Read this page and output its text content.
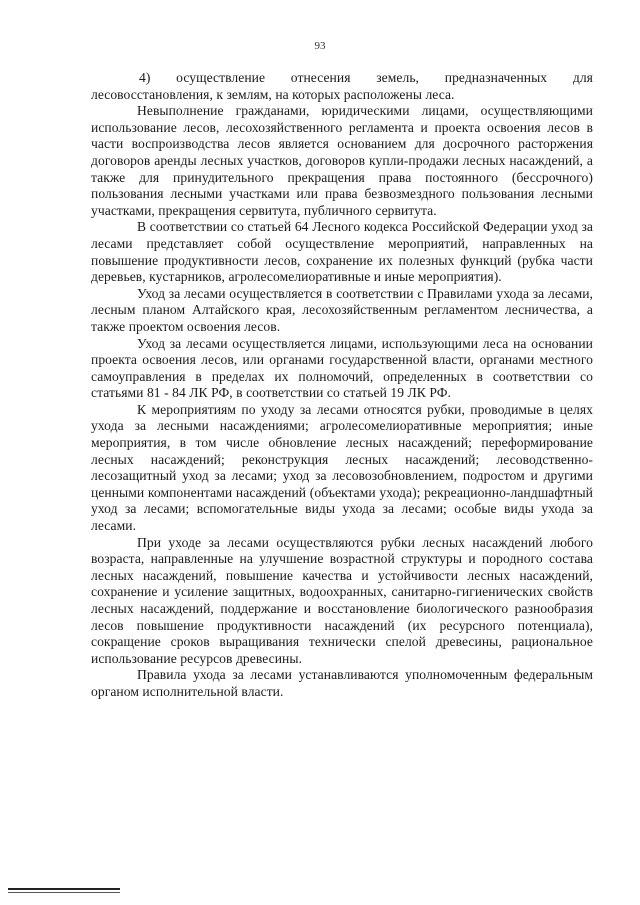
93

4) осуществление отнесения земель, предназначенных для лесовосстановления, к землям, на которых расположены леса.

Невыполнение гражданами, юридическими лицами, осуществляющими использование лесов, лесохозяйственного регламента и проекта освоения лесов в части воспроизводства лесов является основанием для досрочного расторжения договоров аренды лесных участков, договоров купли-продажи лесных насаждений, а также для принудительного прекращения права постоянного (бессрочного) пользования лесными участками или права безвозмездного пользования лесными участками, прекращения сервитута, публичного сервитута.

В соответствии со статьей 64 Лесного кодекса Российской Федерации уход за лесами представляет собой осуществление мероприятий, направленных на повышение продуктивности лесов, сохранение их полезных функций (рубка части деревьев, кустарников, агролесомелиоративные и иные мероприятия).

Уход за лесами осуществляется в соответствии с Правилами ухода за лесами, лесным планом Алтайского края, лесохозяйственным регламентом лесничества, а также проектом освоения лесов.

Уход за лесами осуществляется лицами, использующими леса на основании проекта освоения лесов, или органами государственной власти, органами местного самоуправления в пределах их полномочий, определенных в соответствии со статьями 81 - 84 ЛК РФ, в соответствии со статьей 19 ЛК РФ.

К мероприятиям по уходу за лесами относятся рубки, проводимые в целях ухода за лесными насаждениями; агролесомелиоративные мероприятия; иные мероприятия, в том числе обновление лесных насаждений; переформирование лесных насаждений; реконструкция лесных насаждений; лесоводственно-лесозащитный уход за лесами; уход за лесовозобновлением, подростом и другими ценными компонентами насаждений (объектами ухода); рекреационно-ландшафтный уход за лесами; вспомогательные виды ухода за лесами; особые виды ухода за лесами.

При уходе за лесами осуществляются рубки лесных насаждений любого возраста, направленные на улучшение возрастной структуры и породного состава лесных насаждений, повышение качества и устойчивости лесных насаждений, сохранение и усиление защитных, водоохранных, санитарно-гигиенических свойств лесных насаждений, поддержание и восстановление биологического разнообразия лесов повышение продуктивности насаждений (их ресурсного потенциала), сокращение сроков выращивания технически спелой древесины, рациональное использование ресурсов древесины.

Правила ухода за лесами устанавливаются уполномоченным федеральным органом исполнительной власти.
